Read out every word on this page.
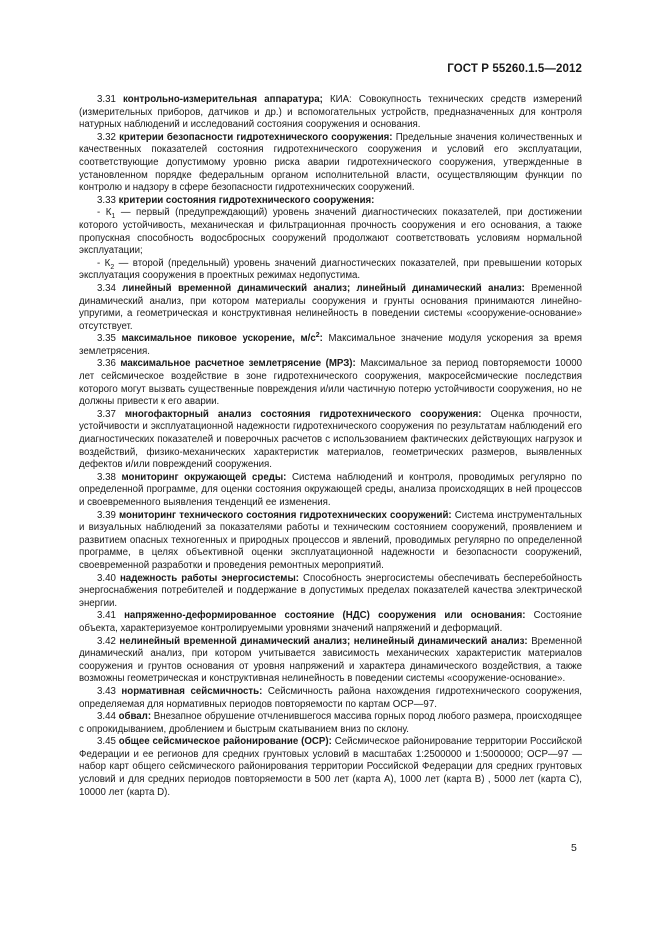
ГОСТ Р 55260.1.5—2012

3.31 контрольно-измерительная аппаратура; КИА: Совокупность технических средств измерений (измерительных приборов, датчиков и др.) и вспомогательных устройств, предназначенных для контроля натурных наблюдений и исследований состояния сооружения и основания.

3.32 критерии безопасности гидротехнического сооружения: Предельные значения количественных и качественных показателей состояния гидротехнического сооружения и условий его эксплуатации, соответствующие допустимому уровню риска аварии гидротехнического сооружения, утвержденные в установленном порядке федеральным органом исполнительной власти, осуществляющим функции по контролю и надзору в сфере безопасности гидротехнических сооружений.

3.33 критерии состояния гидротехнического сооружения:

- $К_1$ — первый (предупреждающий) уровень значений диагностических показателей, при достижении которого устойчивость, механическая и фильтрационная прочность сооружения и его основания, а также пропускная способность водосбросных сооружений продолжают соответствовать условиям нормальной эксплуатации;

- $К_2$ — второй (предельный) уровень значений диагностических показателей, при превышении которых эксплуатация сооружения в проектных режимах недопустима.

3.34 линейный временной динамический анализ; линейный динамический анализ: Временной динамический анализ, при котором материалы сооружения и грунты основания принимаются линейно-упругими, а геометрическая и конструктивная нелинейность в поведении системы «сооружение-основание» отсутствует.

3.35 максимальное пиковое ускорение, $м/с^2$: Максимальное значение модуля ускорения за время землетрясения.

3.36 максимальное расчетное землетрясение (МРЗ): Максимальное за период повторяемости 10000 лет сейсмическое воздействие в зоне гидротехнического сооружения, макросейсмические последствия которого могут вызвать существенные повреждения и/или частичную потерю устойчивости сооружения, но не должны привести к его аварии.

3.37 многофакторный анализ состояния гидротехнического сооружения: Оценка прочности, устойчивости и эксплуатационной надежности гидротехнического сооружения по результатам наблюдений его диагностических показателей и поверочных расчетов с использованием фактических действующих нагрузок и воздействий, физико-механических характеристик материалов, геометрических размеров, выявленных дефектов и/или повреждений сооружения.

3.38 мониторинг окружающей среды: Система наблюдений и контроля, проводимых регулярно по определенной программе, для оценки состояния окружающей среды, анализа происходящих в ней процессов и своевременного выявления тенденций ее изменения.

3.39 мониторинг технического состояния гидротехнических сооружений: Система инструментальных и визуальных наблюдений за показателями работы и техническим состоянием сооружений, проявлением и развитием опасных техногенных и природных процессов и явлений, проводимых регулярно по определенной программе, в целях объективной оценки эксплуатационной надежности и безопасности сооружений, своевременной разработки и проведения ремонтных мероприятий.

3.40 надежность работы энергосистемы: Способность энергосистемы обеспечивать бесперебойность энергоснабжения потребителей и поддержание в допустимых пределах показателей качества электрической энергии.

3.41 напряженно-деформированное состояние (НДС) сооружения или основания: Состояние объекта, характеризуемое контролируемыми уровнями значений напряжений и деформаций.

3.42 нелинейный временной динамический анализ; нелинейный динамический анализ: Временной динамический анализ, при котором учитывается зависимость механических характеристик материалов сооружения и грунтов основания от уровня напряжений и характера динамического воздействия, а также возможны геометрическая и конструктивная нелинейность в поведении системы «сооружение-основание».

3.43 нормативная сейсмичность: Сейсмичность района нахождения гидротехнического сооружения, определяемая для нормативных периодов повторяемости по картам ОСР—97.

3.44 обвал: Внезапное обрушение отчленившегося массива горных пород любого размера, происходящее с опрокидыванием, дроблением и быстрым скатыванием вниз по склону.

3.45 общее сейсмическое районирование (ОСР): Сейсмическое районирование территории Российской Федерации и ее регионов для средних грунтовых условий в масштабах 1:2500000 и 1:5000000; ОСР—97 — набор карт общего сейсмического районирования территории Российской Федерации для средних грунтовых условий и для средних периодов повторяемости в 500 лет (карта А), 1000 лет (карта В) , 5000 лет (карта С), 10000 лет (карта D).

5
